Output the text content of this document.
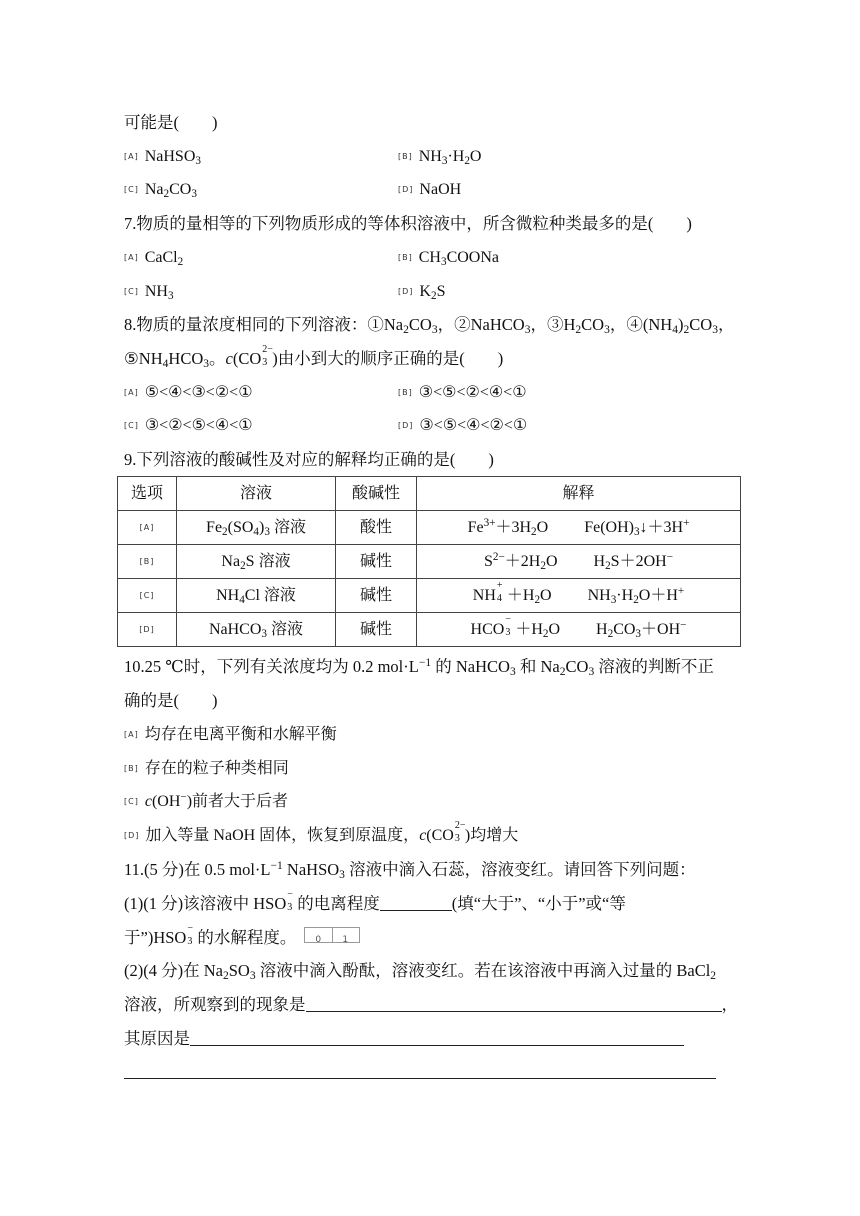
可能是(　　)
[A] NaHSO$_3$	[B] $NH_3\cdot H_2O$
[C] $Na_2CO_3$	[D] NaOH
7.物质的量相等的下列物质形成的等体积溶液中，所含微粒种类最多的是(　　)
[A] CaCl$_2$	[B] $CH_3COONa$
[C] $NH_3$	[D] $K_2S$
8.物质的量浓度相同的下列溶液：$①Na_2CO_3$，②NaHCO$_3$，$③H_2CO_3$，$④(NH_4)_2CO_3$，
$⑤NH_4HCO_3$。c(CO 2−
3 )由小到大的顺序正确的是(　　)
[A] ⑤<④<③<②<①	[B] ③<⑤<②<④<①
[C] ③<②<⑤<④<①	[D] ③<⑤<④<②<①
9.下列溶液的酸碱性及对应的解释均正确的是(　　)
选项	溶液	酸碱性	解释
[A]	$Fe_2(SO_4)_3$ 溶液	酸性	$Fe^{3+}+3H_2O$ $Fe(OH)_3↓+3H^+$
[B]	$Na_2S$ 溶液	碱性	$S^{2-}+2H_2O$ $H_2S+2OH^-$
[C]	$NH_4Cl$ 溶液	碱性	NH
+
$4 +H_2O$ $NH_3\cdot H_2O+H^+$
[D]	NaHCO$_3$ 溶液	碱性	HCO
−
$3 +H_2O$ $H_2CO_3+OH^-$
10.25 ℃时，下列有关浓度均为 0.2 $mol\cdot L^{-1}$ 的 NaHCO$_3$ 和 $Na_2CO_3$ 溶液的判断不正
确的是(　　)
[A] 均存在电离平衡和水解平衡
[B] 存在的粒子种类相同
[C] c(OH−)前者大于后者
[D] 加入等量 NaOH 固体，恢复到原温度，c(CO
2−
3 )均增大
11.(5 分)在 0.5 $mol\cdot L^{-1}$ NaHSO$_3$ 溶液中滴入石蕊，溶液变红。请回答下列问题：
(1)(1 分)该溶液中 HSO −
3 的电离程度	(填“大于”、“小于”或“等
于”)HSO −
3 的水解程度。 0 1
(2)(4 分)在 $Na_2SO_3$ 溶液中滴入酚酞，溶液变红。若在该溶液中再滴入过量的 BaCl$_2$
溶液，所观察到的现象是	，
其原因是
